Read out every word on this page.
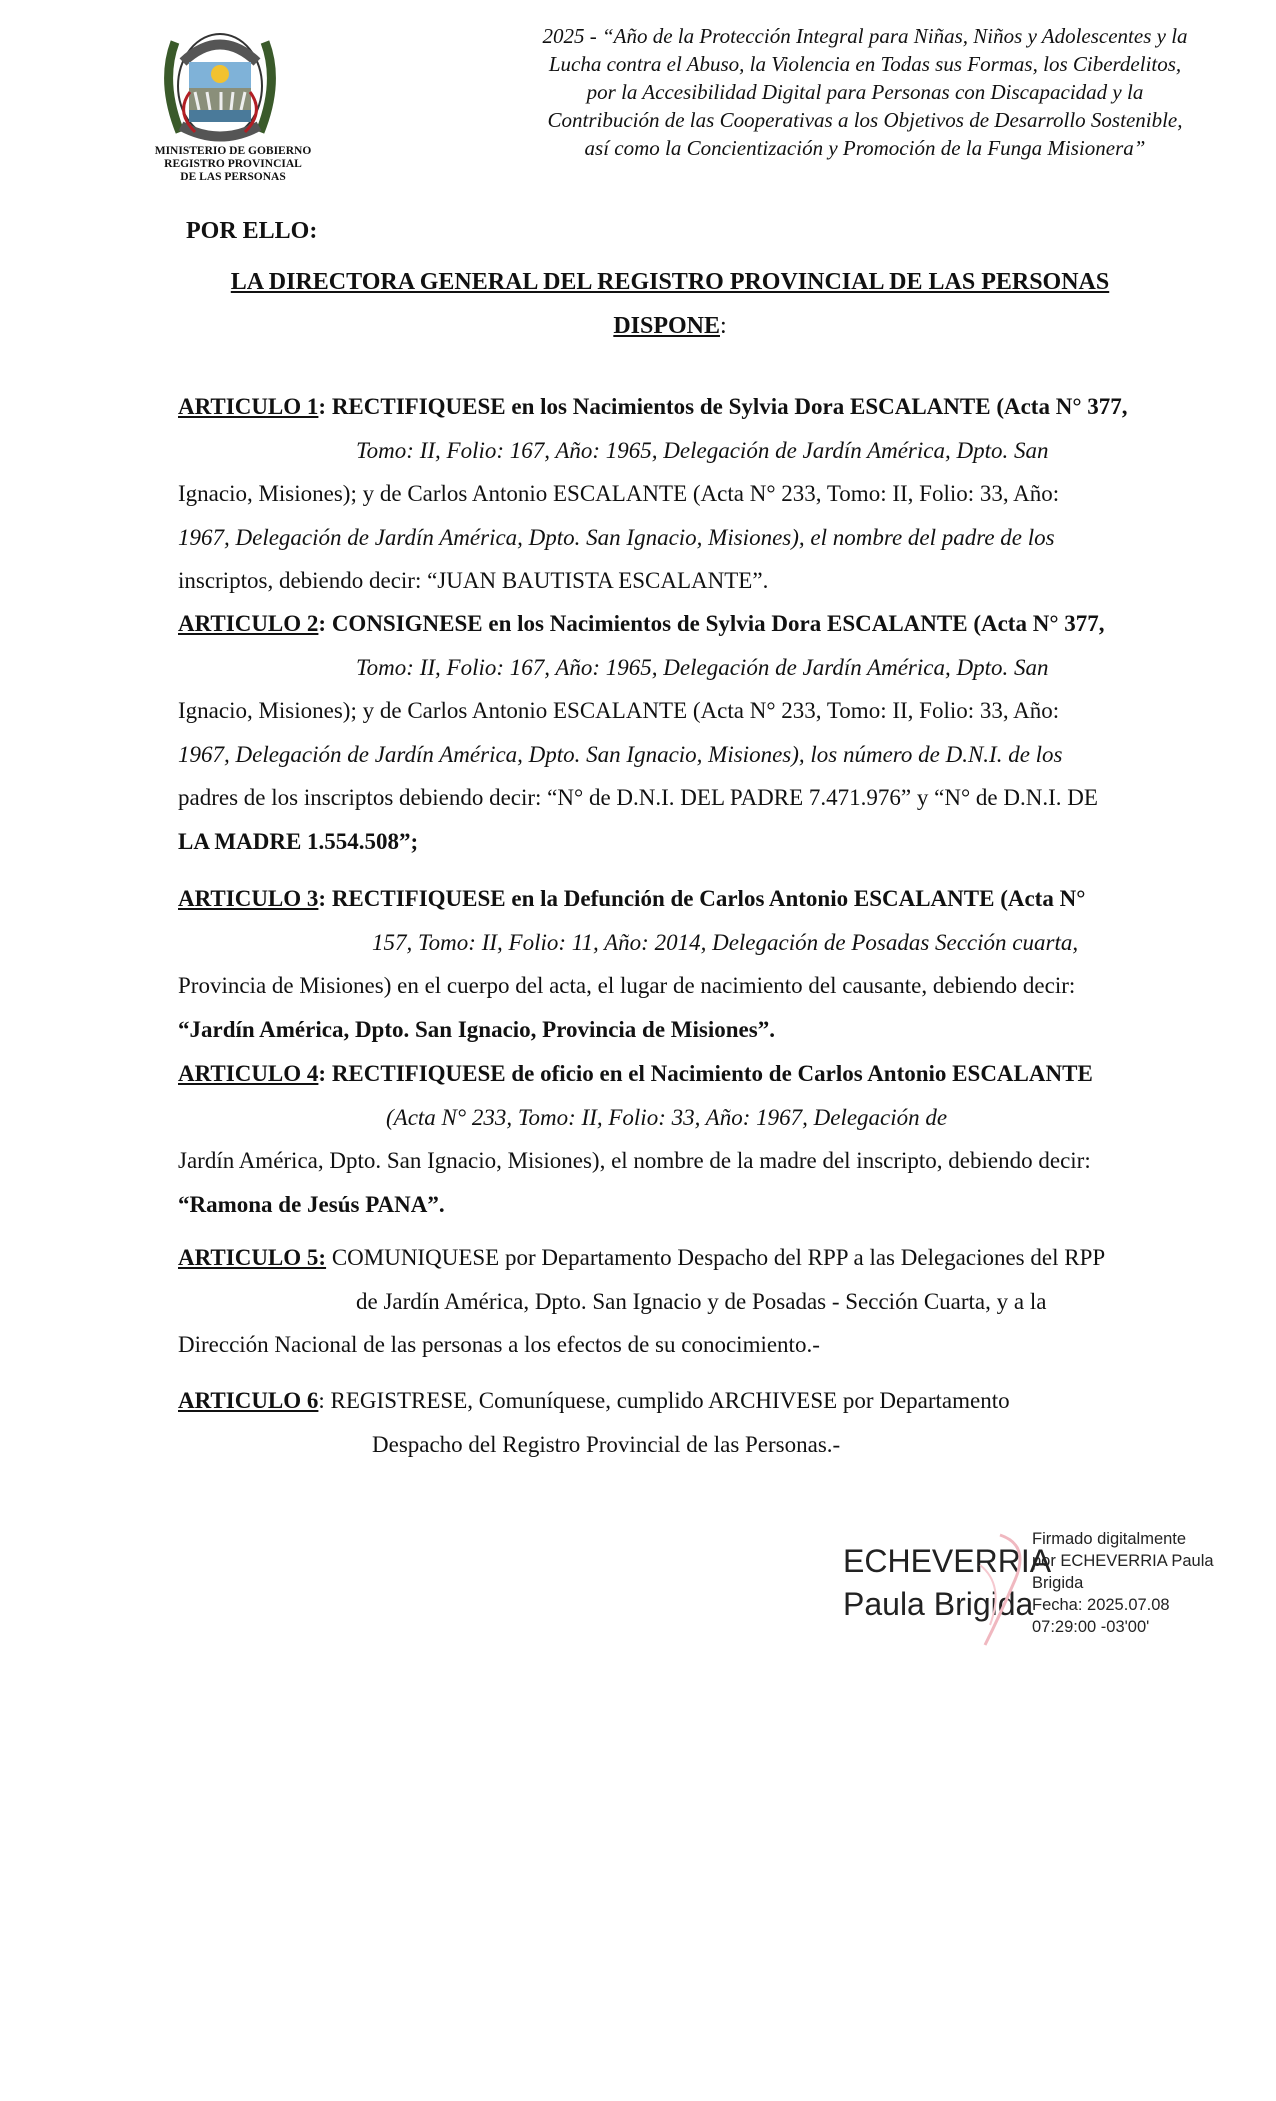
MINISTERIO DE GOBIERNO
REGISTRO PROVINCIAL
DE LAS PERSONAS
2025 - “Año de la Protección Integral para Niñas, Niños y Adolescentes y la
Lucha contra el Abuso, la Violencia en Todas sus Formas, los Ciberdelitos,
por la Accesibilidad Digital para Personas con Discapacidad y la
Contribución de las Cooperativas a los Objetivos de Desarrollo Sostenible,
así como la Concientización y Promoción de la Funga Misionera”
POR ELLO:
LA DIRECTORA GENERAL DEL REGISTRO PROVINCIAL DE LAS PERSONAS
DISPONE:
ARTICULO 1: RECTIFIQUESE en los Nacimientos de Sylvia Dora ESCALANTE (Acta N° 377,
Tomo: II, Folio: 167, Año: 1965, Delegación de Jardín América, Dpto. San
Ignacio, Misiones); y de Carlos Antonio ESCALANTE (Acta N° 233, Tomo: II, Folio: 33, Año:
1967, Delegación de Jardín América, Dpto. San Ignacio, Misiones), el nombre del padre de los
inscriptos, debiendo decir: “JUAN BAUTISTA ESCALANTE”.
ARTICULO 2: CONSIGNESE en los Nacimientos de Sylvia Dora ESCALANTE (Acta N° 377,
Tomo: II, Folio: 167, Año: 1965, Delegación de Jardín América, Dpto. San
Ignacio, Misiones); y de Carlos Antonio ESCALANTE (Acta N° 233, Tomo: II, Folio: 33, Año:
1967, Delegación de Jardín América, Dpto. San Ignacio, Misiones), los número de D.N.I. de los
padres de los inscriptos debiendo decir: “N° de D.N.I. DEL PADRE 7.471.976” y “N° de D.N.I. DE
LA MADRE 1.554.508”;
ARTICULO 3: RECTIFIQUESE en la Defunción de Carlos Antonio ESCALANTE (Acta N°
157, Tomo: II, Folio: 11, Año: 2014, Delegación de Posadas Sección cuarta,
Provincia de Misiones) en el cuerpo del acta, el lugar de nacimiento del causante, debiendo decir:
“Jardín América, Dpto. San Ignacio, Provincia de Misiones”.
ARTICULO 4: RECTIFIQUESE de oficio en el Nacimiento de Carlos Antonio ESCALANTE
(Acta N° 233, Tomo: II, Folio: 33, Año: 1967, Delegación de
Jardín América, Dpto. San Ignacio, Misiones), el nombre de la madre del inscripto, debiendo decir:
“Ramona de Jesús PANA”.
ARTICULO 5: COMUNIQUESE por Departamento Despacho del RPP a las Delegaciones del RPP
de Jardín América, Dpto. San Ignacio y de Posadas - Sección Cuarta, y a la
Dirección Nacional de las personas a los efectos de su conocimiento.-
ARTICULO 6: REGISTRESE, Comuníquese, cumplido ARCHIVESE por Departamento
Despacho del Registro Provincial de las Personas.-
ECHEVERRIA
Paula Brigida
Firmado digitalmente
por ECHEVERRIA Paula
Brigida
Fecha: 2025.07.08
07:29:00 -03'00'
